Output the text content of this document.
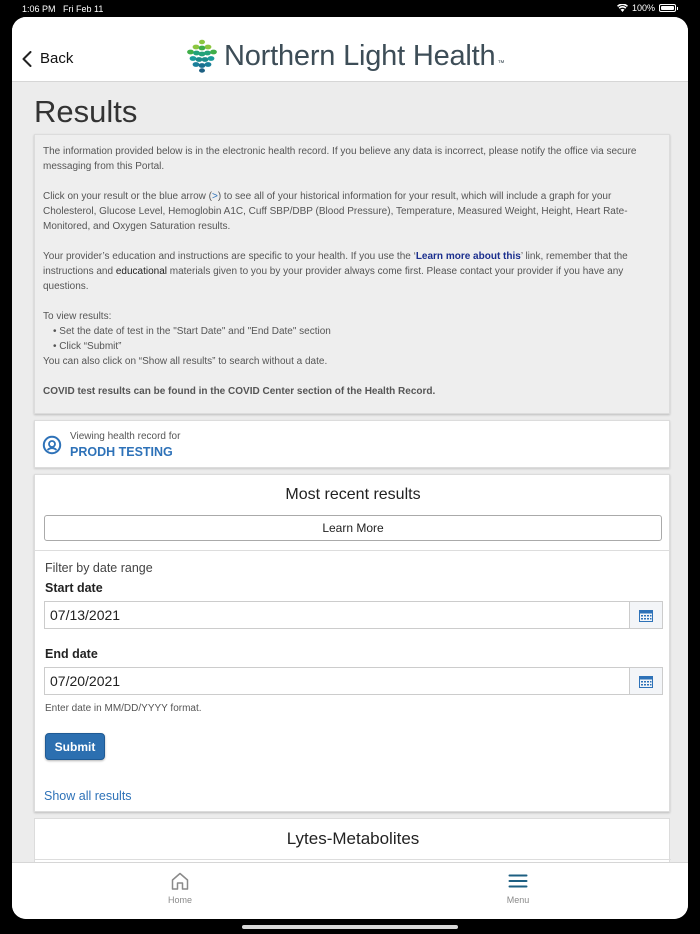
1:06 PM Fri Feb 11	100%
Back	Northern Light Health ™
Results

The information provided below is in the electronic health record. If you believe any data is incorrect, please notify the office via secure messaging from this Portal.

Click on your result or the blue arrow (>) to see all of your historical information for your result, which will include a graph for your Cholesterol, Glucose Level, Hemoglobin A1C, Cuff SBP/DBP (Blood Pressure), Temperature, Measured Weight, Height, Heart Rate-Monitored, and Oxygen Saturation results.

Your provider’s education and instructions are specific to your health. If you use the ‘Learn more about this’ link, remember that the instructions and educational materials given to you by your provider always come first. Please contact your provider if you have any questions.

To view results:

• Set the date of test in the "Start Date" and "End Date" section

• Click “Submit”

You can also click on “Show all results” to search without a date.

COVID test results can be found in the COVID Center section of the Health Record.

Viewing health record for
PRODH TESTING
Most recent results
Learn More
Filter by date range
Start date
07/13/2021
End date
07/20/2021
Enter date in MM/DD/YYYY format.
Submit
Show all results
Lytes-Metabolites
Home	Menu
